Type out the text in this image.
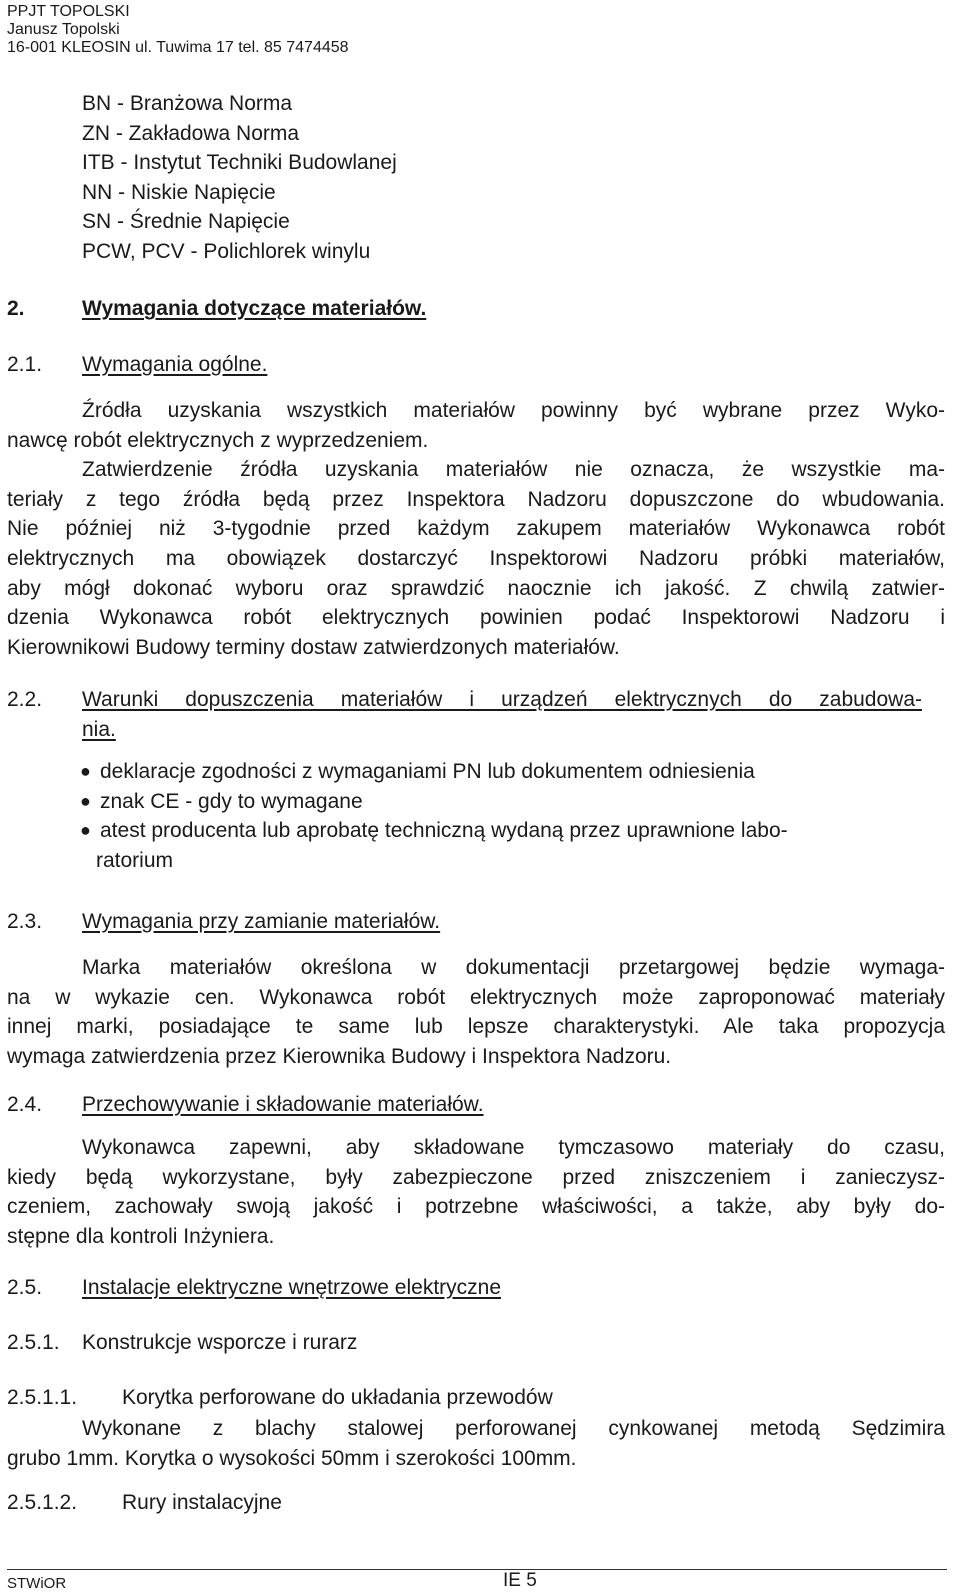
PPJT TOPOLSKI
Janusz Topolski
16-001 KLEOSIN ul. Tuwima 17 tel. 85 7474458
BN - Branżowa Norma
ZN - Zakładowa Norma
ITB - Instytut Techniki Budowlanej
NN - Niskie Napięcie
SN - Średnie Napięcie
PCW, PCV - Polichlorek winylu
2.	Wymagania dotyczące materiałów.
2.1. Wymagania ogólne.
Źródła uzyskania wszystkich materiałów powinny być wybrane przez Wyko-
nawcę robót elektrycznych z wyprzedzeniem.
Zatwierdzenie źródła uzyskania materiałów nie oznacza, że wszystkie ma-
teriały z tego źródła będą przez Inspektora Nadzoru dopuszczone do wbudowania.
Nie później niż 3-tygodnie przed każdym zakupem materiałów Wykonawca robót
elektrycznych ma obowiązek dostarczyć Inspektorowi Nadzoru próbki materiałów,
aby mógł dokonać wyboru oraz sprawdzić naocznie ich jakość. Z chwilą zatwier-
dzenia Wykonawca robót elektrycznych powinien podać Inspektorowi Nadzoru i
Kierownikowi Budowy terminy dostaw zatwierdzonych materiałów.
2.2. Warunki dopuszczenia materiałów i urządzeń elektrycznych do zabudowa-
nia.
● deklaracje zgodności z wymaganiami PN lub dokumentem odniesienia
● znak CE - gdy to wymagane
● atest producenta lub aprobatę techniczną wydaną przez uprawnione labo-
ratorium
2.3. Wymagania przy zamianie materiałów.
Marka materiałów określona w dokumentacji przetargowej będzie wymaga-
na w wykazie cen. Wykonawca robót elektrycznych może zaproponować materiały
innej marki, posiadające te same lub lepsze charakterystyki. Ale taka propozycja
wymaga zatwierdzenia przez Kierownika Budowy i Inspektora Nadzoru.
2.4. Przechowywanie i składowanie materiałów.
Wykonawca zapewni, aby składowane tymczasowo materiały do czasu,
kiedy będą wykorzystane, były zabezpieczone przed zniszczeniem i zanieczysz-
czeniem, zachowały swoją jakość i potrzebne właściwości, a także, aby były do-
stępne dla kontroli Inżyniera.
2.5. Instalacje elektryczne wnętrzowe elektryczne
2.5.1. Konstrukcje wsporcze i rurarz
2.5.1.1. Korytka perforowane do układania przewodów
Wykonane z blachy stalowej perforowanej cynkowanej metodą Sędzimira
grubo 1mm. Korytka o wysokości 50mm i szerokości 100mm.
2.5.1.2. Rury instalacyjne
STWiOR	IE 5
